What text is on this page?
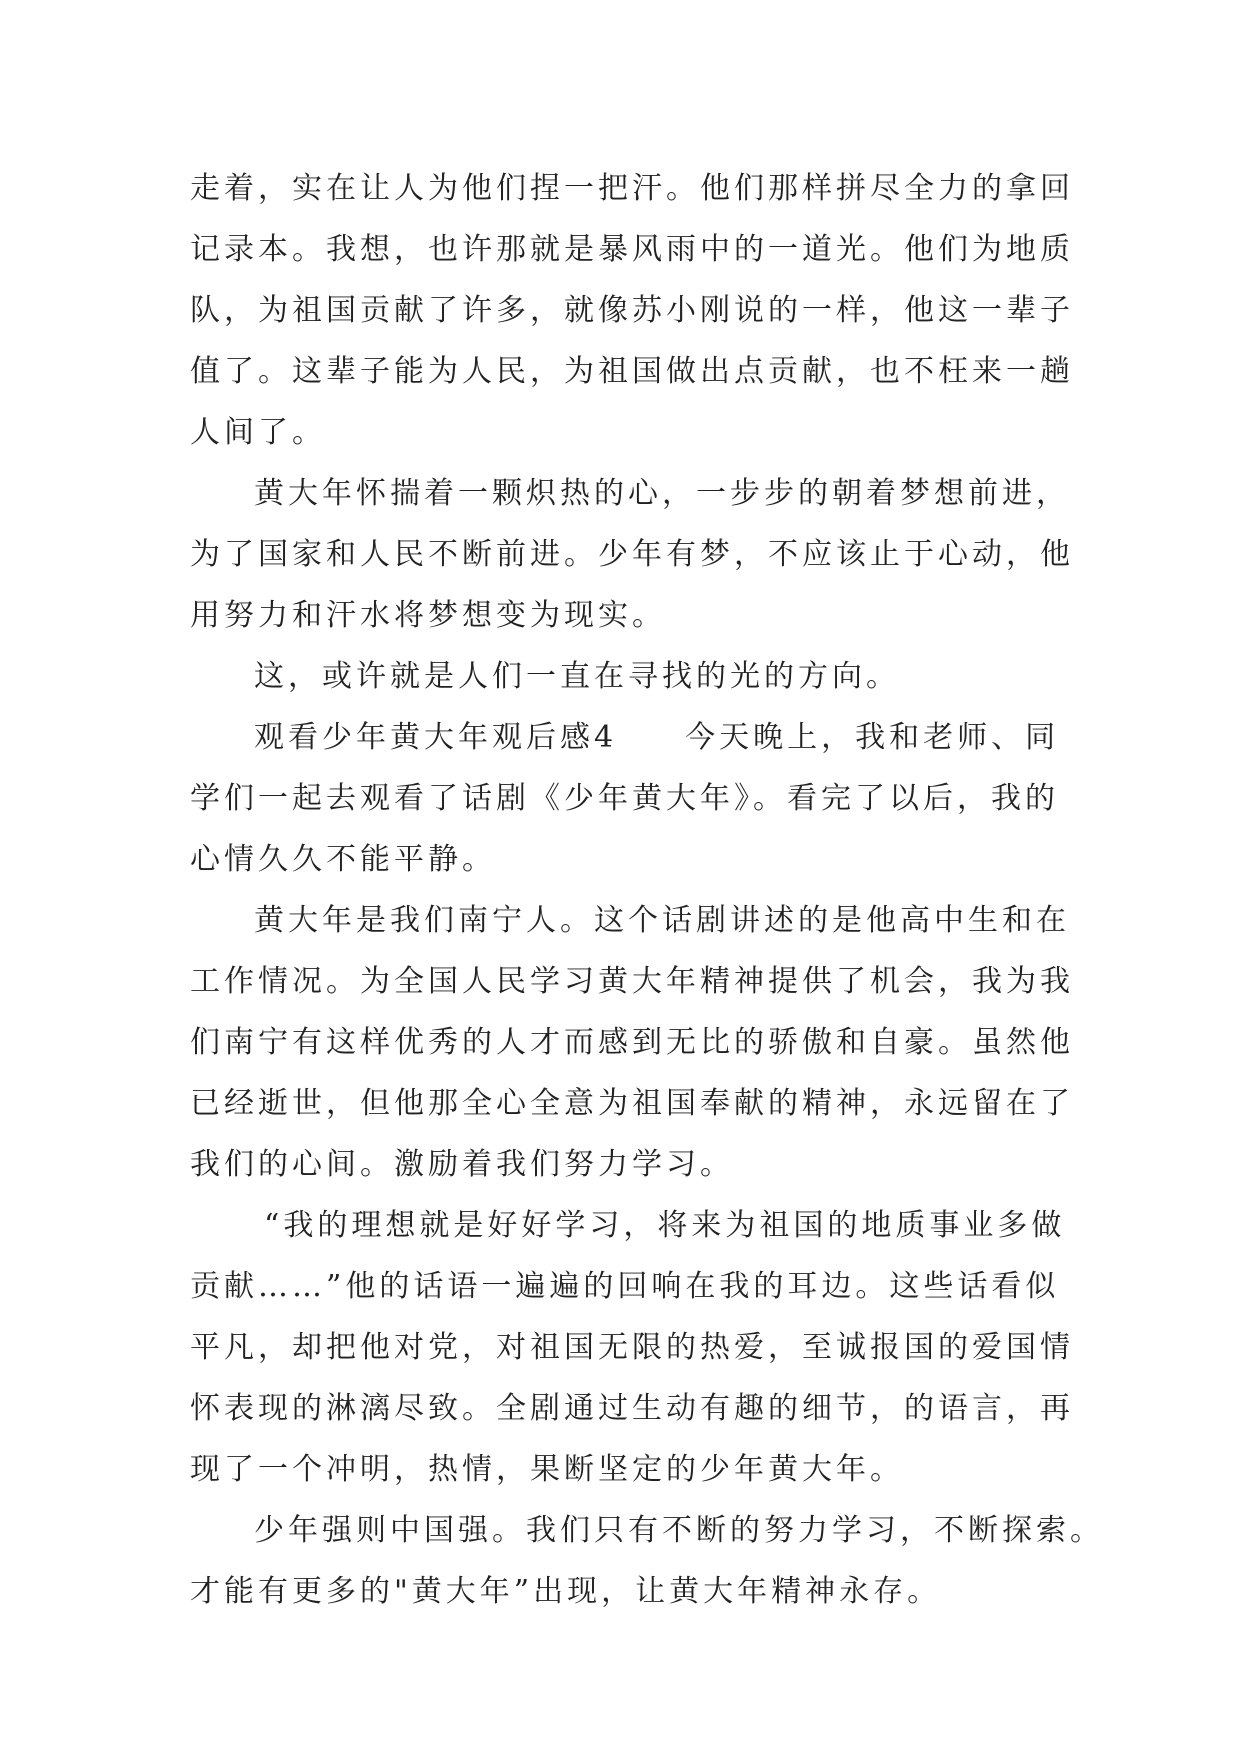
走着，实在让人为他们捏一把汗。他们那样拼尽全力的拿回
记录本。我想，也许那就是暴风雨中的一道光。他们为地质
队，为祖国贡献了许多，就像苏小刚说的一样，他这一辈子
值了。这辈子能为人民，为祖国做出点贡献，也不枉来一趟
人间了。
黄大年怀揣着一颗炽热的心，一步步的朝着梦想前进，
为了国家和人民不断前进。少年有梦，不应该止于心动，他
用努力和汗水将梦想变为现实。
这，或许就是人们一直在寻找的光的方向。
观看少年黄大年观后感4　　今天晚上，我和老师、同
学们一起去观看了话剧《少年黄大年》。看完了以后，我的
心情久久不能平静。
黄大年是我们南宁人。这个话剧讲述的是他高中生和在
工作情况。为全国人民学习黄大年精神提供了机会，我为我
们南宁有这样优秀的人才而感到无比的骄傲和自豪。虽然他
已经逝世，但他那全心全意为祖国奉献的精神，永远留在了
我们的心间。激励着我们努力学习。
“我的理想就是好好学习，将来为祖国的地质事业多做
贡献……”他的话语一遍遍的回响在我的耳边。这些话看似
平凡，却把他对党，对祖国无限的热爱，至诚报国的爱国情
怀表现的淋漓尽致。全剧通过生动有趣的细节，的语言，再
现了一个冲明，热情，果断坚定的少年黄大年。
少年强则中国强。我们只有不断的努力学习，不断探索。
才能有更多的"黄大年”出现，让黄大年精神永存。
